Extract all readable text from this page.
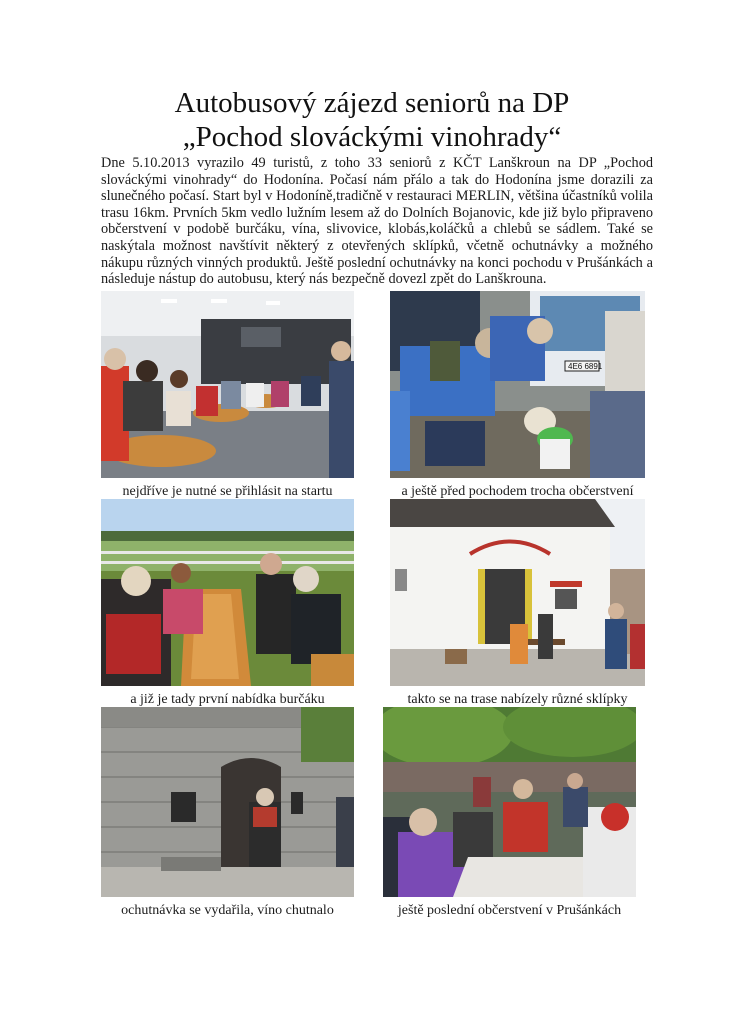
Autobusový zájezd seniorů na DP
„Pochod slováckými vinohrady“
Dne 5.10.2013 vyrazilo 49 turistů, z toho 33 seniorů z KČT Lanškroun na DP „Pochod slováckými vinohrady“ do Hodonína. Počasí nám přálo a tak do Hodonína jsme dorazili za slunečného počasí. Start byl v Hodoníně,tradičně v restauraci MERLIN, většina účastníků volila trasu 16km. Prvních 5km vedlo lužním lesem až do Dolních Bojanovic, kde již bylo připraveno občerstvení v podobě burčáku, vína, slivovice, klobás,koláčků a chlebů se sádlem. Také se naskýtala možnost navštívit některý z otevřených sklípků, včetně ochutnávky a možného nákupu různých vinných produktů. Ještě poslední ochutnávky na konci pochodu v Prušánkách a následuje nástup do autobusu, který nás bezpečně dovezl zpět do Lanškrouna.
nejdříve je nutné se přihlásit na startu
4E6 6891
a ještě před pochodem trocha občerstvení
a již je tady první nabídka burčáku	takto se na trase nabízely různé sklípky
ochutnávka se vydařila, víno chutnalo	ještě poslední občerstvení v Prušánkách
